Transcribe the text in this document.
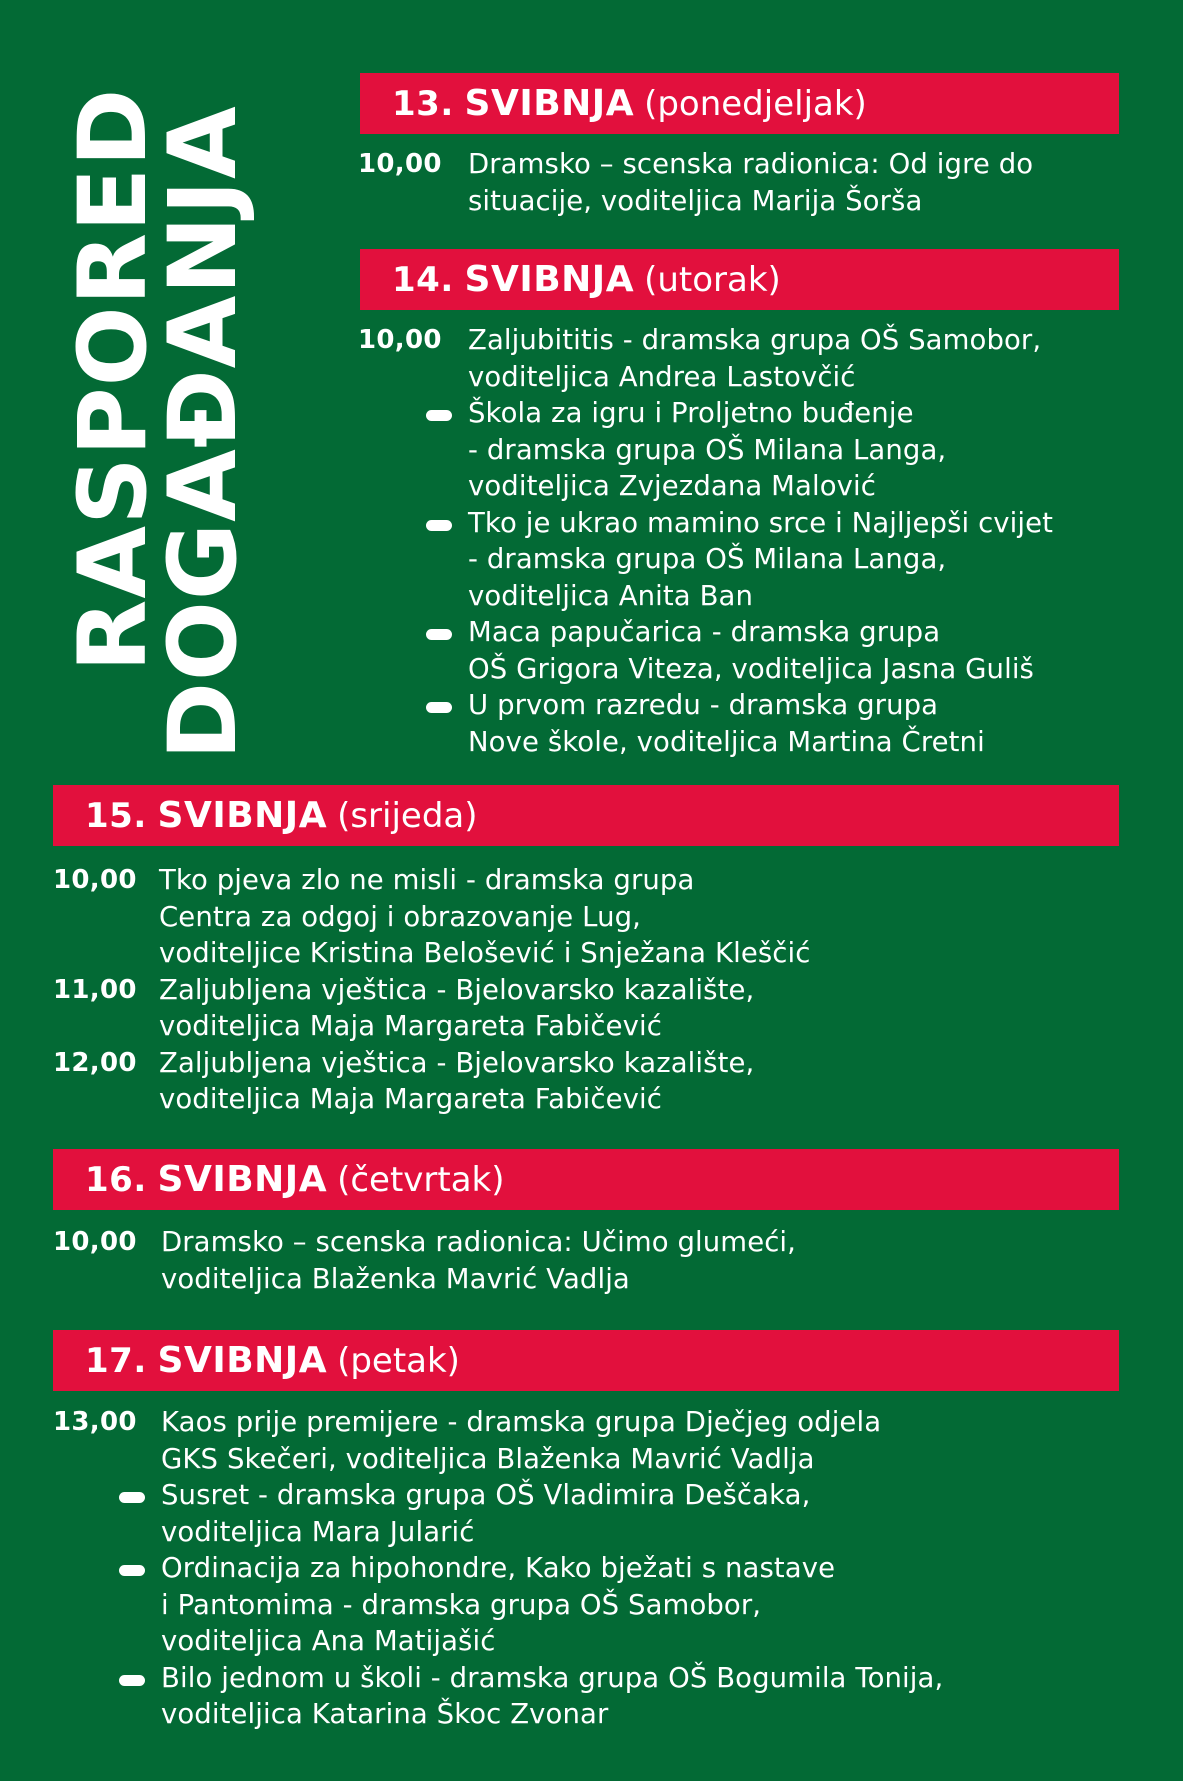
RASPORED
DOGAĐANJA
13.
SVIBNJA (ponedjeljak)
10,00 Dramsko – scenska radionica: Od igre do
situacije, voditeljica Marija Šorša
14.
SVIBNJA (utorak)
10,00 Zaljubititis - dramska grupa OŠ Samobor,
voditeljica Andrea Lastovčić
Škola za igru i Proljetno buđenje
- dramska grupa OŠ Milana Langa,
voditeljica Zvjezdana Malović
Tko je ukrao mamino srce i Najljepši cvijet
- dramska grupa OŠ Milana Langa,
voditeljica Anita Ban
Maca papučarica - dramska grupa
OŠ Grigora Viteza, voditeljica Jasna Guliš
U prvom razredu - dramska grupa
Nove škole, voditeljica Martina Čretni
15.
SVIBNJA (srijeda)
10,00 Tko pjeva zlo ne misli - dramska grupa
Centra za odgoj i obrazovanje Lug,
voditeljice Kristina Belošević i Snježana Kleščić
11,00 Zaljubljena vještica - Bjelovarsko kazalište,
voditeljica Maja Margareta Fabičević
12,00 Zaljubljena vještica - Bjelovarsko kazalište,
voditeljica Maja Margareta Fabičević
16.
SVIBNJA (četvrtak)
10,00 Dramsko – scenska radionica: Učimo glumeći,
voditeljica Blaženka Mavrić Vadlja
17.
SVIBNJA (petak)
13,00 Kaos prije premijere - dramska grupa Dječjeg odjela
GKS Skečeri, voditeljica Blaženka Mavrić Vadlja
Susret - dramska grupa OŠ Vladimira Deščaka,
voditeljica Mara Jularić
Ordinacija za hipohondre, Kako bježati s nastave
i Pantomima - dramska grupa OŠ Samobor,
voditeljica Ana Matijašić
Bilo jednom u školi - dramska grupa OŠ Bogumila Tonija,
voditeljica Katarina Škoc Zvonar
